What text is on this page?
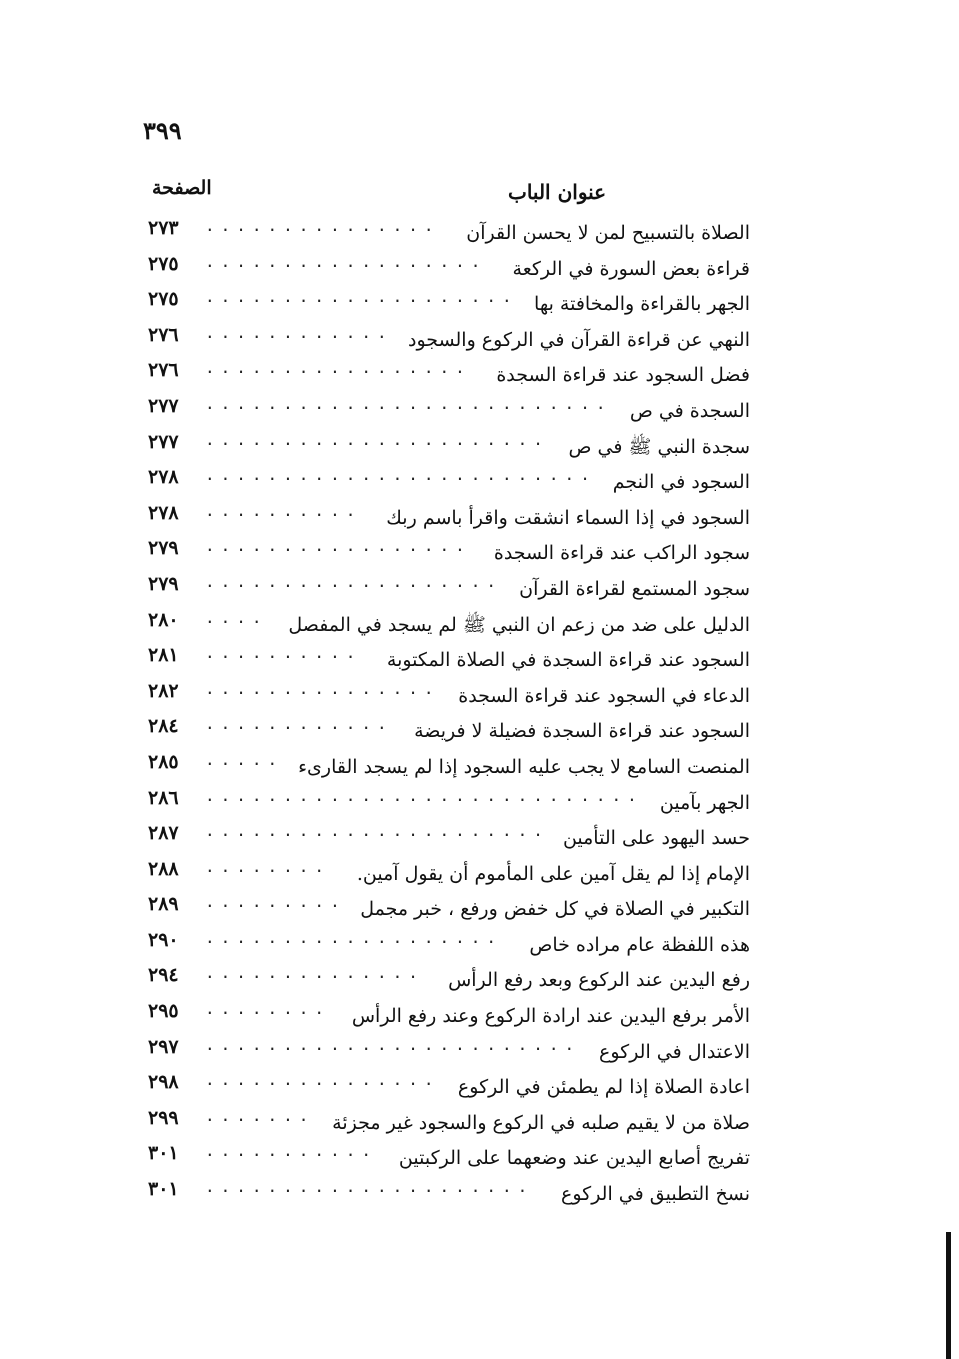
٣٩٩
الصفحة	عنوان الباب
٢٧٣ ...............	الصلاة بالتسبيح لمن لا يحسن القرآن
٢٧٥ ..................	قراءة بعض السورة في الركعة
٢٧٥ .................... الجهر بالقراءة والمخافتة بها
٢٧٦ ............ النهي عن قراءة القرآن في الركوع والسجود
٢٧٦ .................	فضل السجود عند قراءة السجدة
٢٧٧ .......................... السجدة في ص
٢٧٧ ...................... سجدة النبي ﷺ في ص
٢٧٨ ......................... السجود في النجم
٢٧٨ ..........	السجود في إذا السماء انشقت واقرأ باسم ربك
٢٧٩ .................	سجود الراكب عند قراءة السجدة
٢٧٩ ................... سجود المستمع لقراءة القرآن
٢٨٠ ....	الدليل على ضد من زعم ان النبي ﷺ لم يسجد في المفصل
٢٨١ ..........	السجود عند قراءة السجدة في الصلاة المكتوبة
٢٨٢ ............... الدعاء في السجود عند قراءة السجدة
٢٨٤ ............	السجود عند قراءة السجدة فضيلة لا فريضة
٢٨٥ ..... المنصت السامع لا يجب عليه السجود إذا لم يسجد القارىء
٢٨٦ ............................ الجهر بآمين
٢٨٧ ...................... حسد اليهود على التأمين
٢٨٨ ........	الإمام إذا لم يقل آمين على المأموم أن يقول آمين.
٢٨٩ ......... التكبير في الصلاة في كل خفض ورفع ، خبر مجمل
٢٩٠ ...................	هذه اللفظة عام مراده خاص
٢٩٤ ..............	رفع اليدين عند الركوع وبعد رفع الرأس
٢٩٥ ........	الأمر برفع اليدين عند ارادة الركوع وعند رفع الرأس
٢٩٧ ........................ الاعتدال في الركوع
٢٩٨ ............... اعادة الصلاة إذا لم يطمئن في الركوع
٢٩٩ ....... صلاة من لا يقيم صلبه في الركوع والسجود غير مجزئة
٣٠١ ...........	تفريج أصابع اليدين عند وضعهما على الركبتين
٣٠١ .....................	نسخ التطبيق في الركوع
